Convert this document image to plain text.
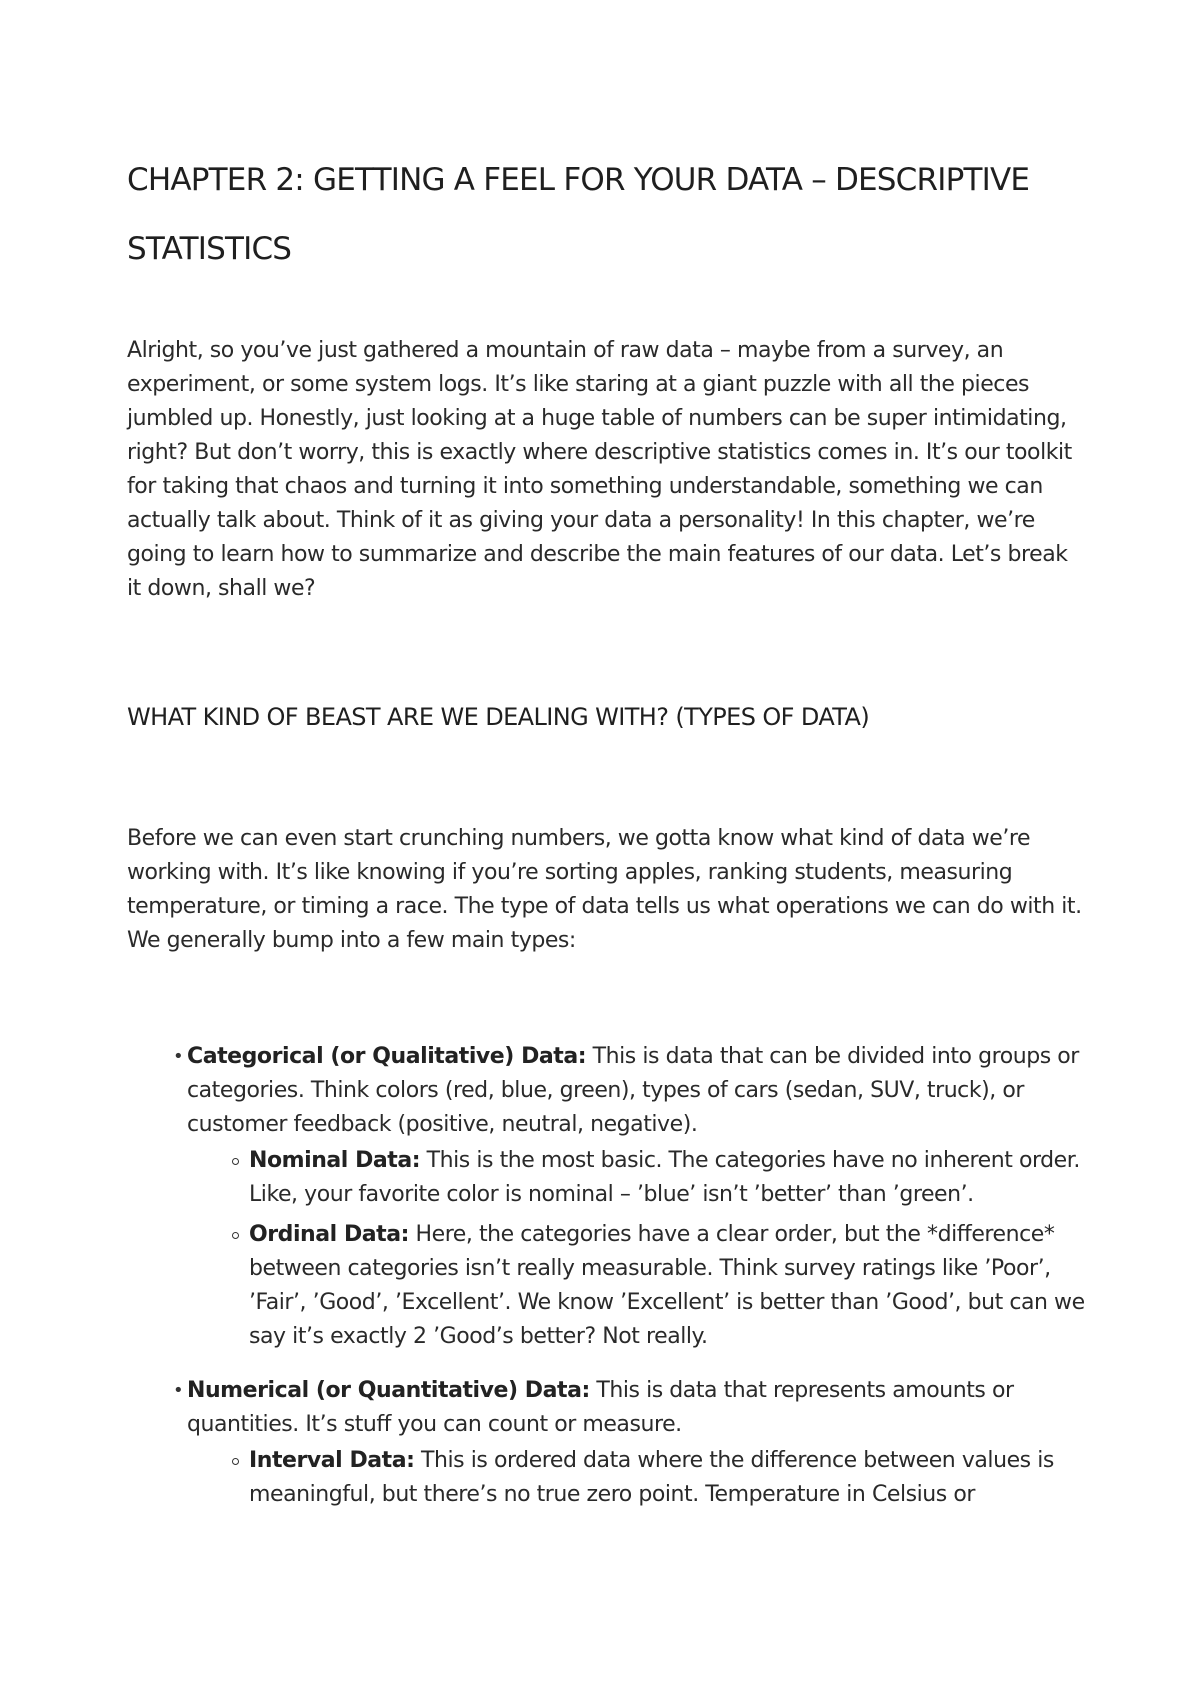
CHAPTER 2: GETTING A FEEL FOR YOUR DATA – DESCRIPTIVE STATISTICS

Alright, so you’ve just gathered a mountain of raw data – maybe from a survey, an experiment, or some system logs. It’s like staring at a giant puzzle with all the pieces jumbled up. Honestly, just looking at a huge table of numbers can be super intimidating, right? But don’t worry, this is exactly where descriptive statistics comes in. It’s our toolkit for taking that chaos and turning it into something understandable, something we can actually talk about. Think of it as giving your data a personality! In this chapter, we’re going to learn how to summarize and describe the main features of our data. Let’s break it down, shall we?

WHAT KIND OF BEAST ARE WE DEALING WITH? (TYPES OF DATA)

Before we can even start crunching numbers, we gotta know what kind of data we’re working with. It’s like knowing if you’re sorting apples, ranking students, measuring temperature, or timing a race. The type of data tells us what operations we can do with it. We generally bump into a few main types:

• Categorical (or Qualitative) Data: This is data that can be divided into groups or categories. Think colors (red, blue, green), types of cars (sedan, SUV, truck), or customer feedback (positive, neutral, negative).
Nominal Data: This is the most basic. The categories have no inherent order. Like, your favorite color is nominal – ’blue’ isn’t ’better’ than ’green’.
Ordinal Data: Here, the categories have a clear order, but the *difference* between categories isn’t really measurable. Think survey ratings like ’Poor’, ’Fair’, ’Good’, ’Excellent’. We know ’Excellent’ is better than ’Good’, but can we say it’s exactly 2 ’Good’s better? Not really.
• Numerical (or Quantitative) Data: This is data that represents amounts or quantities. It’s stuff you can count or measure.
Interval Data: This is ordered data where the difference between values is meaningful, but there’s no true zero point. Temperature in Celsius or
